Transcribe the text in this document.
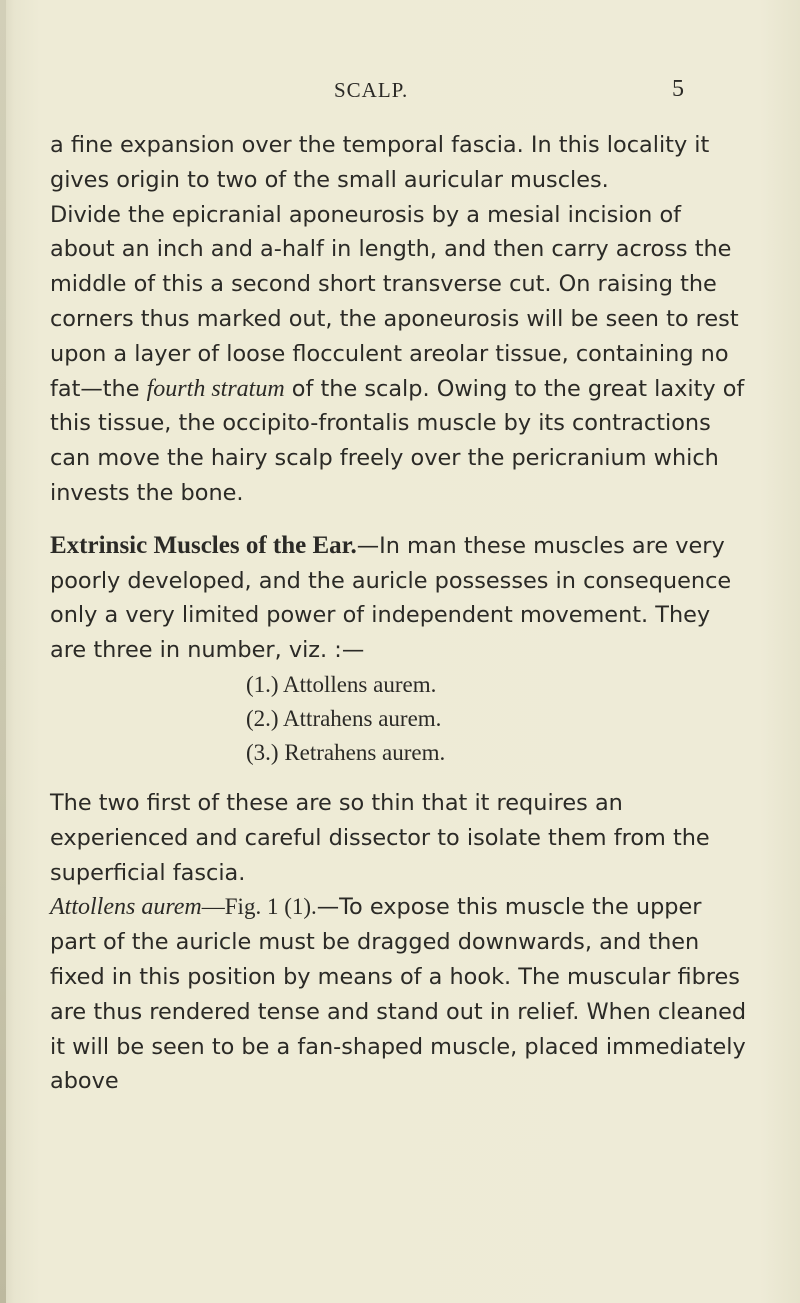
SCALP.	5

a fine expansion over the temporal fascia. In this locality it gives origin to two of the small auricular muscles.

Divide the epicranial aponeurosis by a mesial incision of about an inch and a-half in length, and then carry across the middle of this a second short transverse cut. On raising the corners thus marked out, the aponeurosis will be seen to rest upon a layer of loose flocculent areolar tissue, containing no fat—the fourth stratum of the scalp. Owing to the great laxity of this tissue, the occipito-frontalis muscle by its contractions can move the hairy scalp freely over the pericranium which invests the bone.

Extrinsic Muscles of the Ear.—In man these muscles are very poorly developed, and the auricle possesses in consequence only a very limited power of independent movement. They are three in number, viz. :—

(1.) Attollens aurem.
(2.) Attrahens aurem.
(3.) Retrahens aurem.

The two first of these are so thin that it requires an experienced and careful dissector to isolate them from the superficial fascia.

Attollens aurem—Fig. 1 (1).—To expose this muscle the upper part of the auricle must be dragged downwards, and then fixed in this position by means of a hook. The muscular fibres are thus rendered tense and stand out in relief. When cleaned it will be seen to be a fan-shaped muscle, placed immediately above
